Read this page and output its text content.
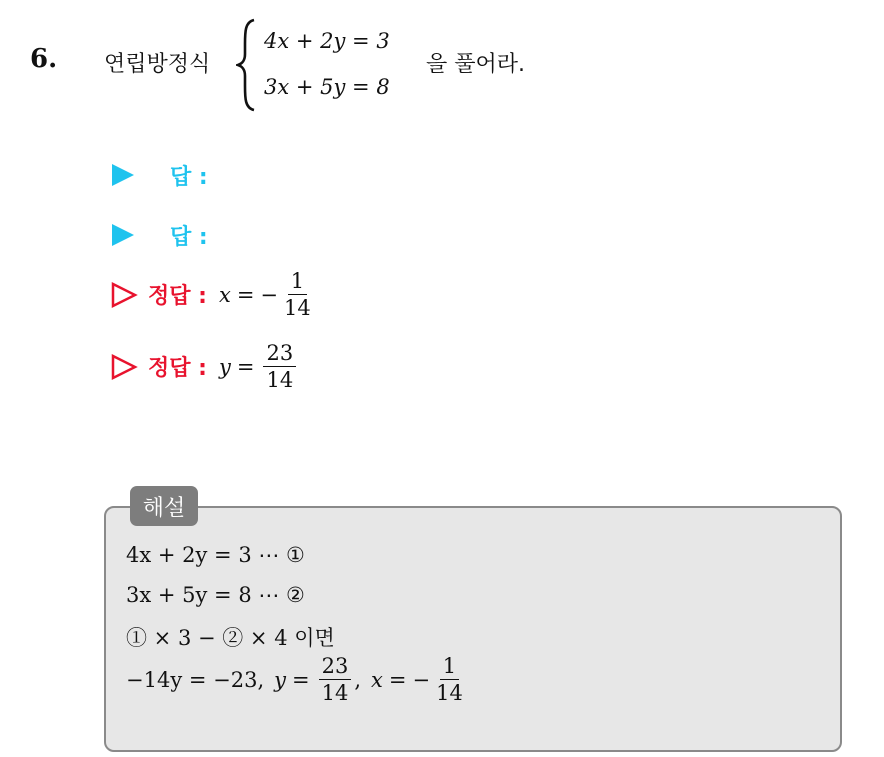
6. 연립방정식
4x + 2y = 3
3x + 5y = 8
을 풀어라.
답 :
답 :
정답 : x = − $\frac{1}{14}$
정답 : $y = \frac{23}{14}$
해설
4x + 2y = 3 ⋯ ①
3x + 5y = 8 ⋯ ②
① × 3 − ② × 4 이면
−14y = −23, $y = \frac{23}{14}$ , x = − $\frac{1}{14}$
